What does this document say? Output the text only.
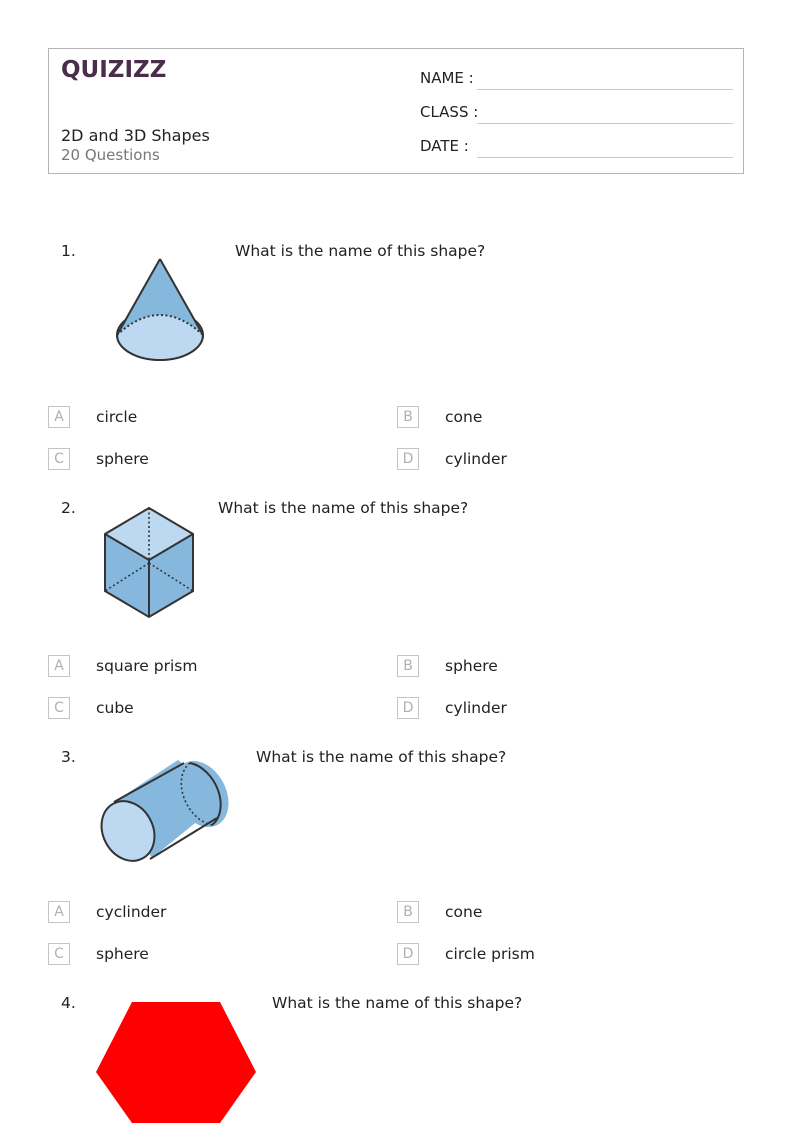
QUIZIZZ
2D and 3D Shapes
20 Questions
NAME :
CLASS :
DATE :
1.	What is the name of this shape?
A	circle	B	cone
C	sphere	D	cylinder
2.	What is the name of this shape?
A	square prism	B	sphere
C	cube	D	cylinder
3.	What is the name of this shape?
A	cyclinder	B	cone
C	sphere	D	circle prism
4.	What is the name of this shape?
